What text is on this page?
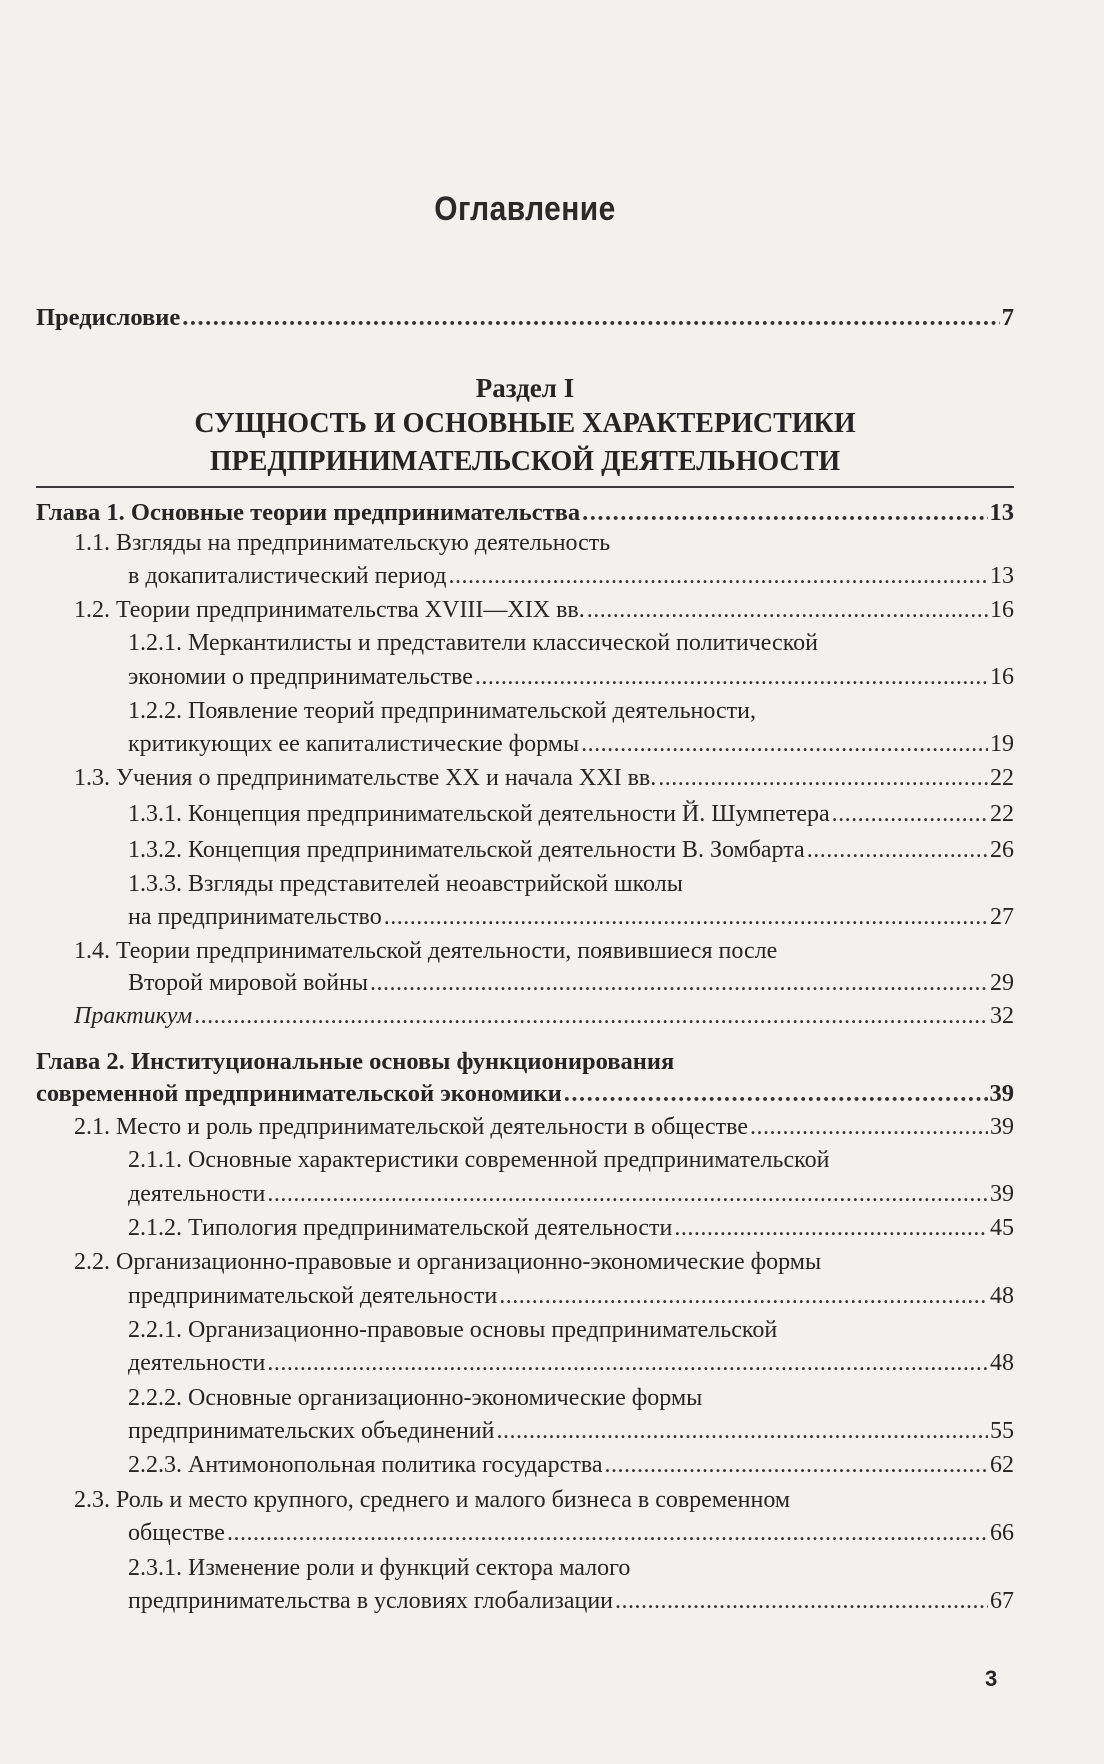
Оглавление
Предисловие .....	7
Раздел I
СУЩНОСТЬ И ОСНОВНЫЕ ХАРАКТЕРИСТИКИ
ПРЕДПРИНИМАТЕЛЬСКОЙ ДЕЯТЕЛЬНОСТИ
Глава 1. Основные теории предпринимательства .....	13
1.1. Взгляды на предпринимательскую деятельность
в докапиталистический период .....	13
1.2. Теории предпринимательства XVIII—XIX вв. .....	16
1.2.1. Меркантилисты и представители классической политической
экономии о предпринимательстве .....	16
1.2.2. Появление теорий предпринимательской деятельности,
критикующих ее капиталистические формы .....	19
1.3. Учения о предпринимательстве XX и начала XXI вв. .....	22
1.3.1. Концепция предпринимательской деятельности Й. Шумпетера .....	22
1.3.2. Концепция предпринимательской деятельности В. Зомбарта .....	26
1.3.3. Взгляды представителей неоавстрийской школы
на предпринимательство .....	27
1.4. Теории предпринимательской деятельности, появившиеся после
Второй мировой войны .....	29
Практикум .....	32
Глава 2. Институциональные основы функционирования
современной предпринимательской экономики .....	39
2.1. Место и роль предпринимательской деятельности в обществе .....	39
2.1.1. Основные характеристики современной предпринимательской
деятельности .....	39
2.1.2. Типология предпринимательской деятельности .....	45
2.2. Организационно-правовые и организационно-экономические формы
предпринимательской деятельности .....	48
2.2.1. Организационно-правовые основы предпринимательской
деятельности .....	48
2.2.2. Основные организационно-экономические формы
предпринимательских объединений .....	55
2.2.3. Антимонопольная политика государства .....	62
2.3. Роль и место крупного, среднего и малого бизнеса в современном
обществе .....	66
2.3.1. Изменение роли и функций сектора малого
предпринимательства в условиях глобализации .....	67
3
